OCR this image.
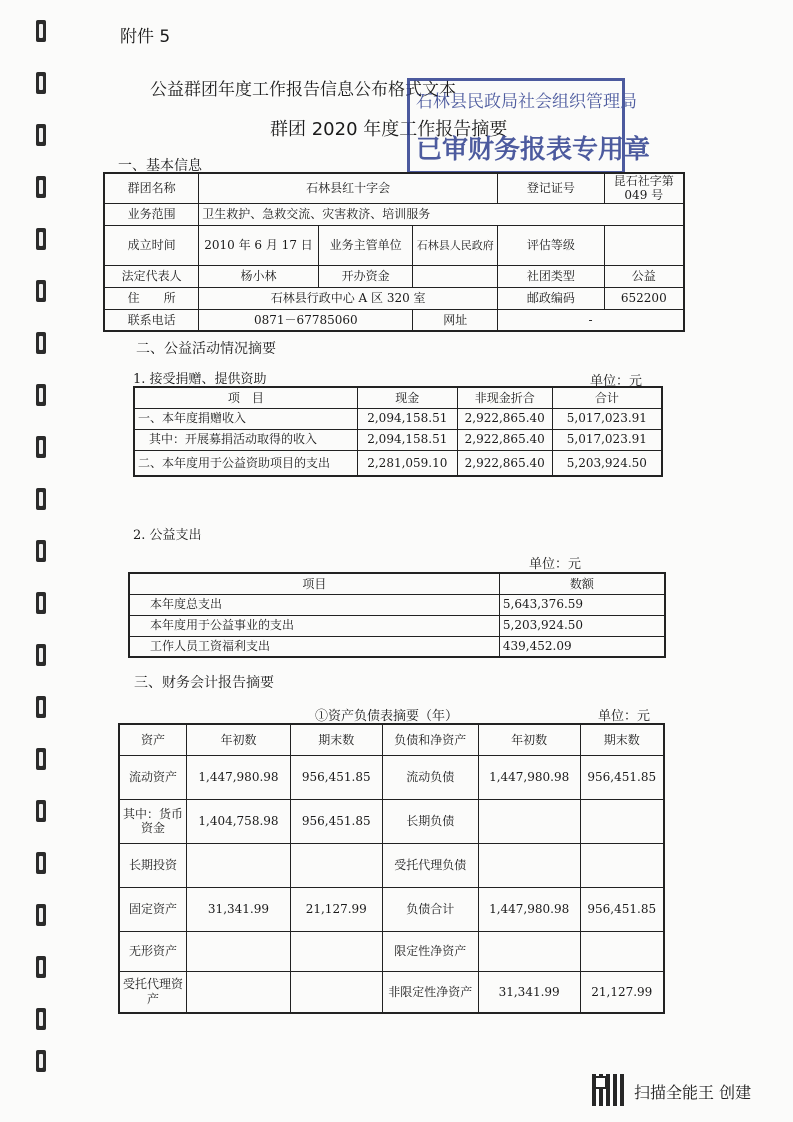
附件 5
公益群团年度工作报告信息公布格式文本
群团 2020 年度工作报告摘要
石林县民政局社会组织管理局
已审财务报表专用章
一、基本信息
群团名称	石林县红十字会			登记证号	昆石社字第 049 号
业务范围	卫生救护、急救交流、灾害救济、培训服务				
成立时间	2010 年 6 月 17 日	业务主管单位	石林县人民政府	评估等级	
法定代表人	杨小林	开办资金		社团类型	公益
住　　所	石林县行政中心 A 区 320 室			邮政编码	652200
联系电话	0871－67785060		网址	-	
二、公益活动情况摘要
1. 接受捐赠、提供资助	单位：元
项　目	现金	非现金折合	合计
一、本年度捐赠收入	2,094,158.51	2,922,865.40	5,017,023.91
其中：开展募捐活动取得的收入	2,094,158.51	2,922,865.40	5,017,023.91
二、本年度用于公益资助项目的支出	2,281,059.10	2,922,865.40	5,203,924.50
2. 公益支出
单位：元
项目	数额
本年度总支出	5,643,376.59
本年度用于公益事业的支出	5,203,924.50
工作人员工资福利支出	439,452.09
三、财务会计报告摘要
①资产负债表摘要（年）	单位：元
资产	年初数	期末数	负债和净资产	年初数	期末数
流动资产	1,447,980.98	956,451.85	流动负债	1,447,980.98	956,451.85
其中：货币资金	1,404,758.98	956,451.85	长期负债		
长期投资			受托代理负债		
固定资产	31,341.99	21,127.99	负债合计	1,447,980.98	956,451.85
无形资产			限定性净资产		
受托代理资产			非限定性净资产	31,341.99	21,127.99
扫描全能王 创建
